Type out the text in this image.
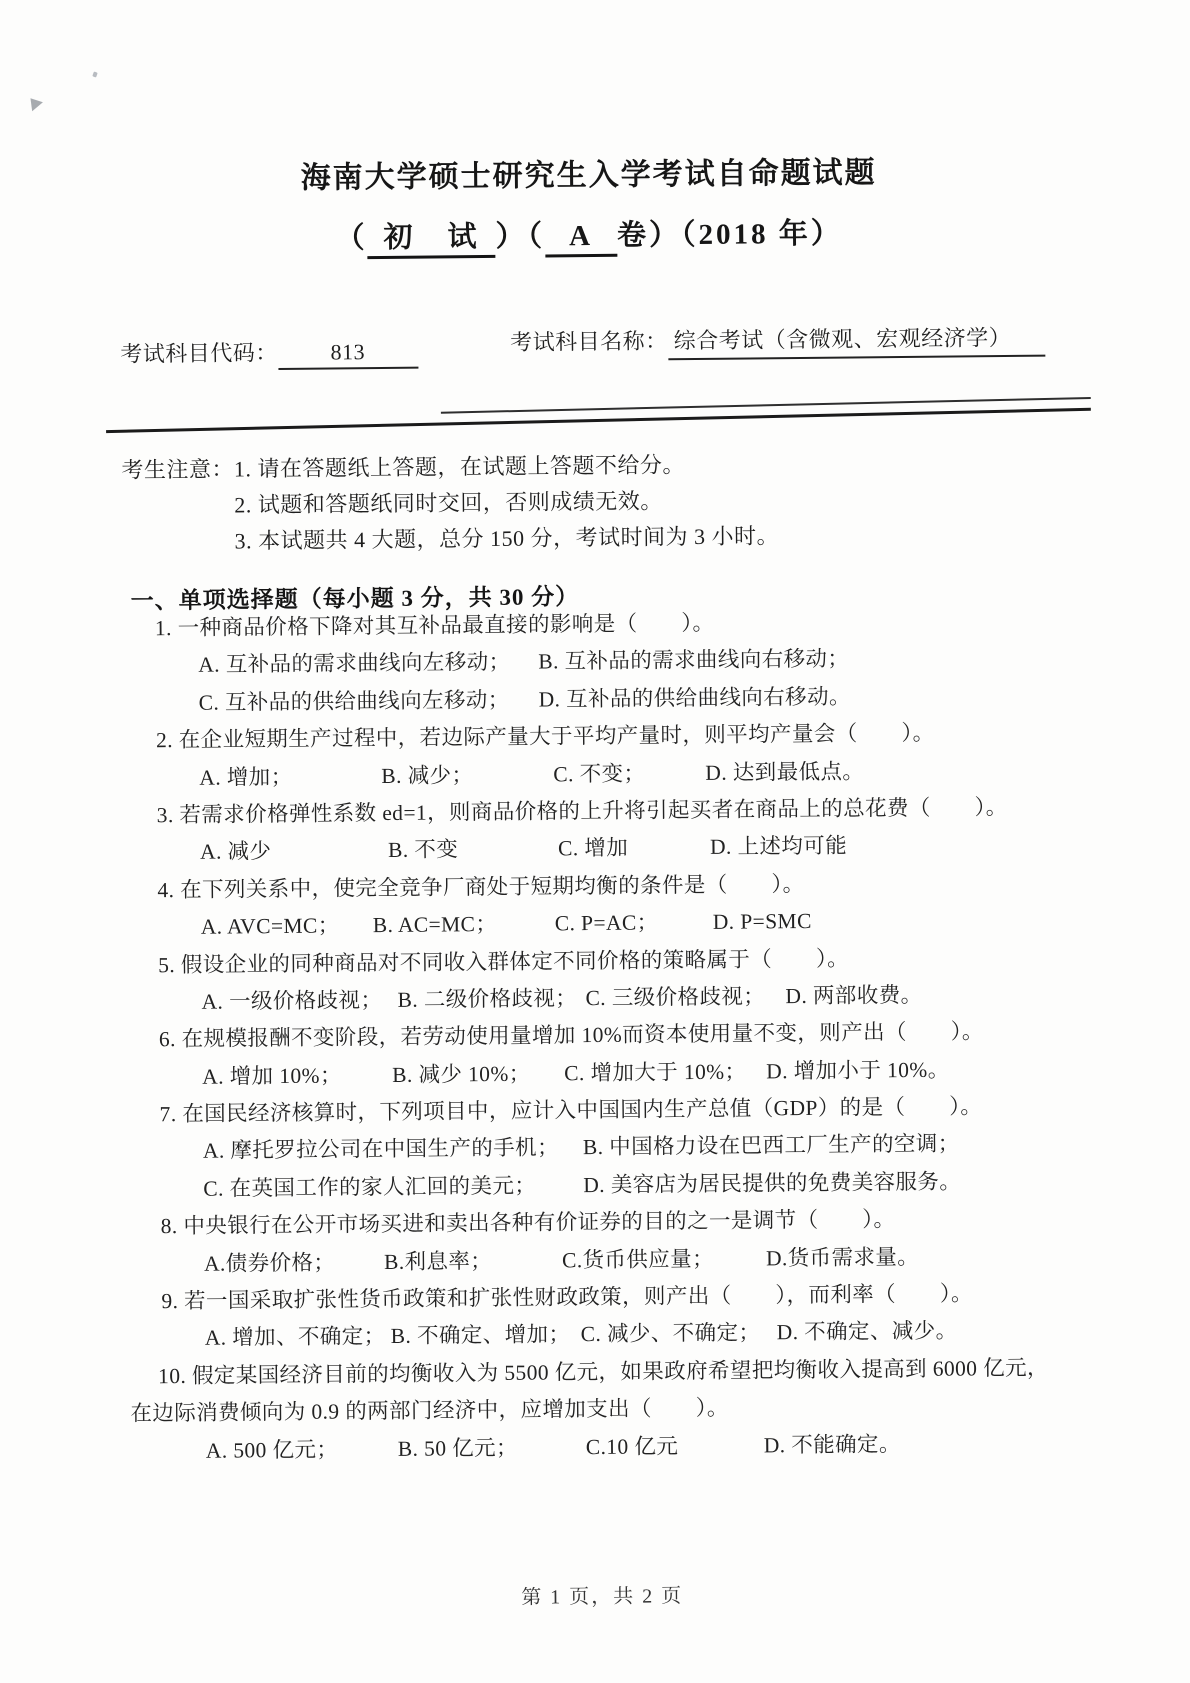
海南大学硕士研究生入学考试自命题试题
（ 初　试 ）（ A 卷）（2018 年）
考试科目代码： 813	考试科目名称： 综合考试（含微观、宏观经济学）
考生注意： 1. 请在答题纸上答题，在试题上答题不给分。
2. 试题和答题纸同时交回，否则成绩无效。
3. 本试题共 4 大题，总分 150 分，考试时间为 3 小时。
一、单项选择题（每小题 3 分，共 30 分）
1. 一种商品价格下降对其互补品最直接的影响是（　　）。
A. 互补品的需求曲线向左移动；	B. 互补品的需求曲线向右移动；
C. 互补品的供给曲线向左移动；	D. 互补品的供给曲线向右移动。
2. 在企业短期生产过程中，若边际产量大于平均产量时，则平均产量会（　　）。
A. 增加；	B. 减少；	C. 不变；	D. 达到最低点。
3. 若需求价格弹性系数 ed=1，则商品价格的上升将引起买者在商品上的总花费（　　）。
A. 减少	B. 不变	C. 增加	D. 上述均可能
4. 在下列关系中，使完全竞争厂商处于短期均衡的条件是（　　）。
A. AVC=MC；	B. AC=MC；	C. P=AC；	D. P=SMC
5. 假设企业的同种商品对不同收入群体定不同价格的策略属于（　　）。
A. 一级价格歧视； B. 二级价格歧视； C. 三级价格歧视； D. 两部收费。
6. 在规模报酬不变阶段，若劳动使用量增加 10%而资本使用量不变，则产出（　　）。
A. 增加 10%；	B. 减少 10%；	C. 增加大于 10%； D. 增加小于 10%。
7. 在国民经济核算时，下列项目中，应计入中国国内生产总值（GDP）的是（　　）。
A. 摩托罗拉公司在中国生产的手机；	B. 中国格力设在巴西工厂生产的空调；
C. 在英国工作的家人汇回的美元；	D. 美容店为居民提供的免费美容服务。
8. 中央银行在公开市场买进和卖出各种有价证券的目的之一是调节（　　）。
A.债券价格；	B.利息率；	C.货币供应量；	D.货币需求量。
9. 若一国采取扩张性货币政策和扩张性财政政策，则产出（　　），而利率（　　）。
A. 增加、不确定； B. 不确定、增加； C. 减少、不确定； D. 不确定、减少。
10. 假定某国经济目前的均衡收入为 5500 亿元，如果政府希望把均衡收入提高到 6000 亿元，
在边际消费倾向为 0.9 的两部门经济中，应增加支出（　　）。
A. 500 亿元；	B. 50 亿元；	C.10 亿元	D. 不能确定。
第 1 页，共 2 页
